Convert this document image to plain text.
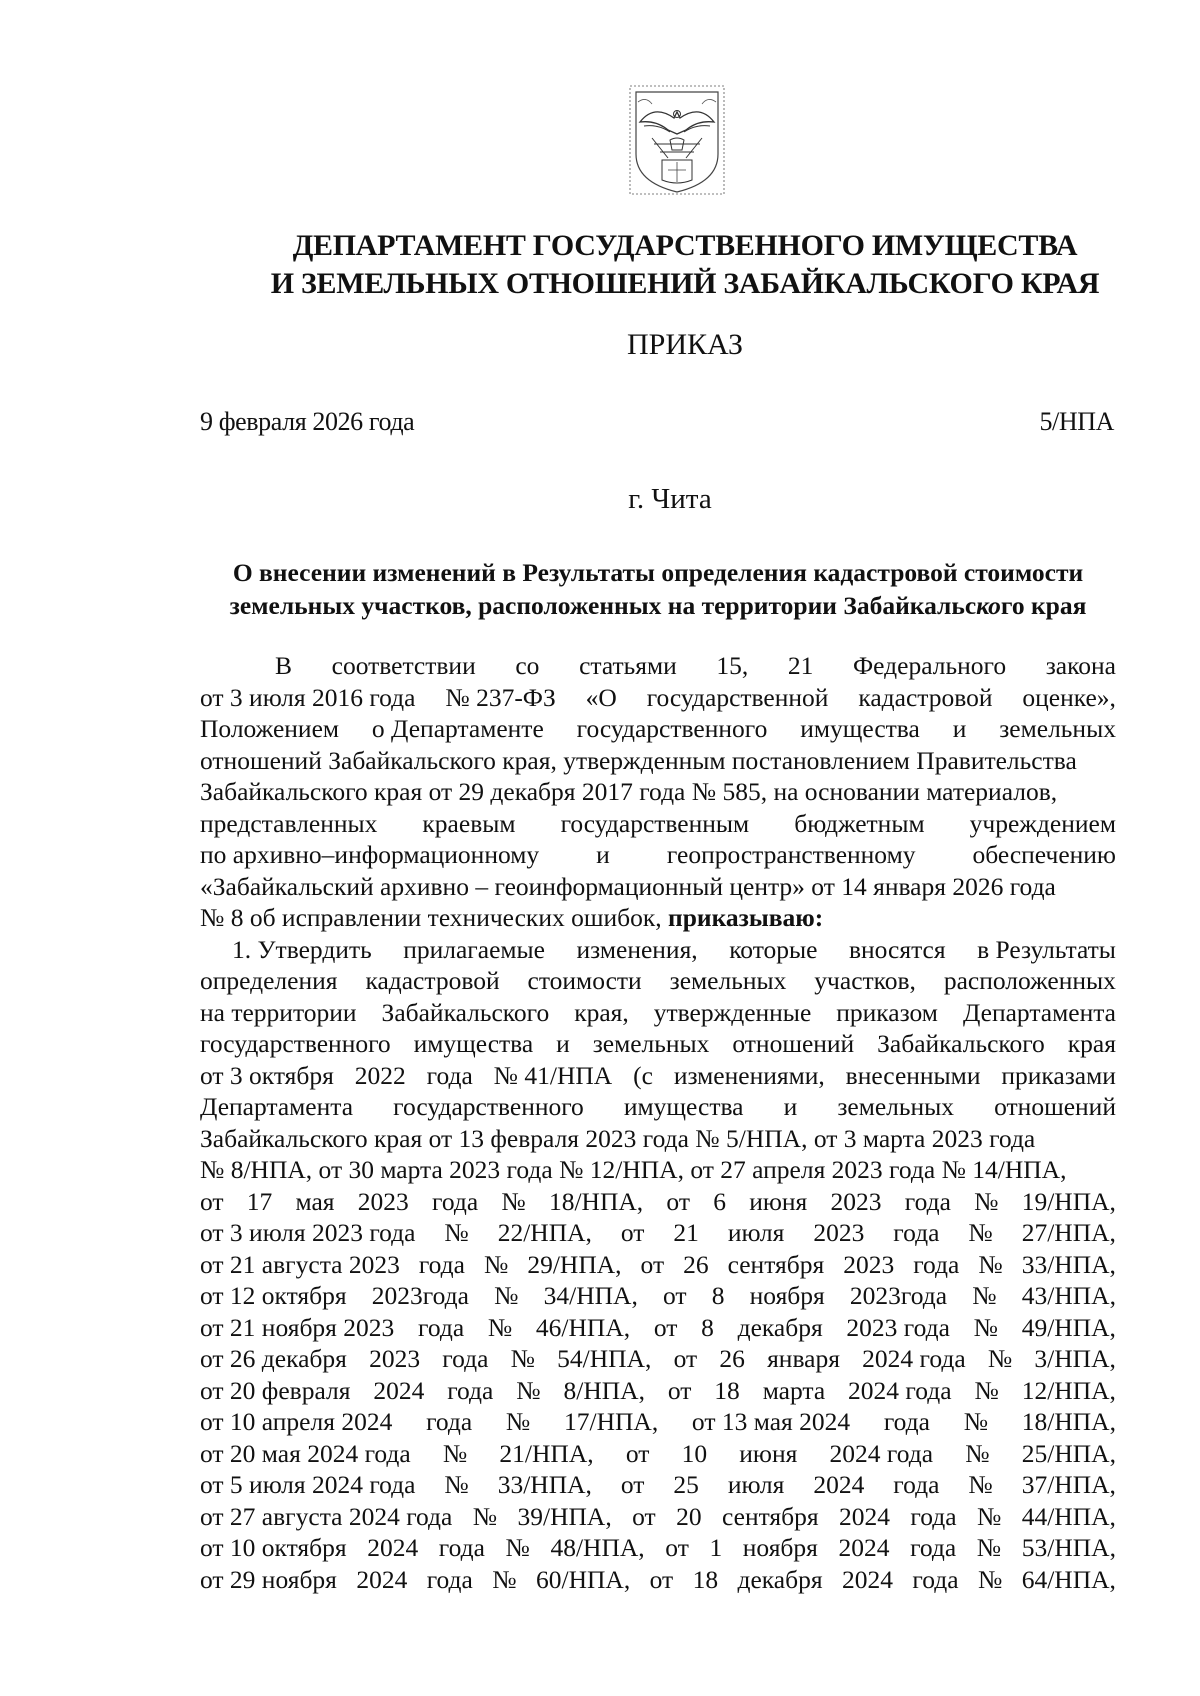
ДЕПАРТАМЕНТ ГОСУДАРСТВЕННОГО ИМУЩЕСТВА
И ЗЕМЕЛЬНЫХ ОТНОШЕНИЙ ЗАБАЙКАЛЬСКОГО КРАЯ
ПРИКАЗ
9 февраля 2026 года	5/НПА
г. Чита
О внесении изменений в Результаты определения кадастровой стоимости
земельных участков, расположенных на территории Забайкальского края
В соответствии со статьями 15, 21 Федерального закона
от 3 июля 2016 года № 237-ФЗ «О государственной кадастровой оценке»,
Положением о Департаменте государственного имущества и земельных
отношений Забайкальского края, утвержденным постановлением Правительства
Забайкальского края от 29 декабря 2017 года № 585, на основании материалов,
представленных краевым государственным бюджетным учреждением
по архивно–информационному и геопространственному обеспечению
«Забайкальский архивно – геоинформационный центр» от 14 января 2026 года
№ 8 об исправлении технических ошибок, приказываю:
1. Утвердить прилагаемые изменения, которые вносятся в Результаты
определения кадастровой стоимости земельных участков, расположенных
на территории Забайкальского края, утвержденные приказом Департамента
государственного имущества и земельных отношений Забайкальского края
от 3 октября 2022 года № 41/НПА (с изменениями, внесенными приказами
Департамента государственного имущества и земельных отношений
Забайкальского края от 13 февраля 2023 года № 5/НПА, от 3 марта 2023 года
№ 8/НПА, от 30 марта 2023 года № 12/НПА, от 27 апреля 2023 года № 14/НПА,
от 17 мая 2023 года № 18/НПА, от 6 июня 2023 года № 19/НПА,
от 3 июля 2023 года № 22/НПА, от 21 июля 2023 года № 27/НПА,
от 21 августа 2023 года № 29/НПА, от 26 сентября 2023 года № 33/НПА,
от 12 октября 2023года № 34/НПА, от 8 ноября 2023года № 43/НПА,
от 21 ноября 2023 года № 46/НПА, от 8 декабря 2023 года № 49/НПА,
от 26 декабря 2023 года № 54/НПА, от 26 января 2024 года № 3/НПА,
от 20 февраля 2024 года № 8/НПА, от 18 марта 2024 года № 12/НПА,
от 10 апреля 2024 года № 17/НПА, от 13 мая 2024 года № 18/НПА,
от 20 мая 2024 года № 21/НПА, от 10 июня 2024 года № 25/НПА,
от 5 июля 2024 года № 33/НПА, от 25 июля 2024 года № 37/НПА,
от 27 августа 2024 года № 39/НПА, от 20 сентября 2024 года № 44/НПА,
от 10 октября 2024 года № 48/НПА, от 1 ноября 2024 года № 53/НПА,
от 29 ноября 2024 года № 60/НПА, от 18 декабря 2024 года № 64/НПА,
